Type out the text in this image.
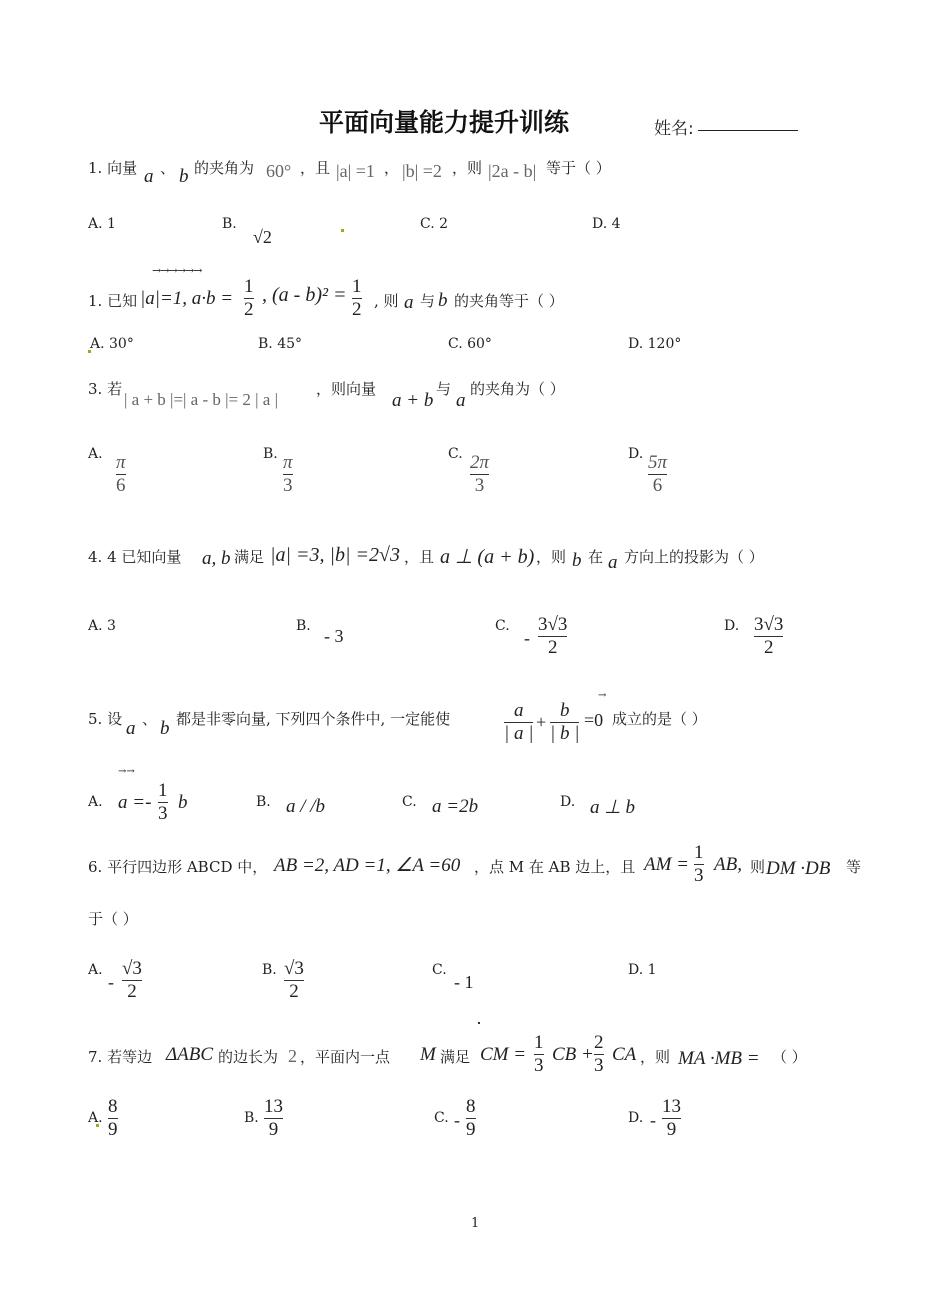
平面向量能力提升训练	姓名:
1. 向量 a 、 b 的夹角为 60° ，且 |a| =1 ， |b| =2 ，则 |2a - b| 等于（ ）
A. 1	B.
√2
C. 2	D. 4
→→→→→→
1. 已知 |a|=1, $a\cdot b = \frac{1}{2}$ , $(a - b)^2 = \frac{1}{2}$ , 则 a 与 b 的夹角等于（ ）
A. 30°	B. 45°	C. 60°	D. 120°
3. 若
| a + b |=| a - b |= 2 | a |
，则向量
a + b
与
a
的夹角为（ ）
A. $\frac{\pi}{6}$	B. $\frac{\pi}{3}$	C. $\frac{2\pi}{3}$	D. $\frac{5\pi}{6}$
4. 4 已知向量 a, b 满足 |a| =3, |b| =2√3 ，且 a ⊥ (a + b) ，则 b 在 a 方向上的投影为（ ）
A. 3	B. - 3	C.
- $\frac{3√3}{2}$	D. $\frac{3√3}{2}$
5. 设 a 、 b 都是非零向量, 下列四个条件中, 一定能使	$\frac{a}{| a |} + \frac{b}{| b |}$
→
=0 成立的是（ ）
→→
A. $a =- \frac{1}{3}$ b	B. a / /b	C. a =2b	D. a ⊥ b
6. 平行四边形 ABCD 中， AB =2, AD =1, ∠A =60 ，点 M 在 AB 边上，且 AM = $\frac{1}{3}$ AB, 则 DM ·DB 等
于（ ）
A.
- $\frac{√3}{2}$	B. $\frac{√3}{2}$	C.
- 1
D. 1
7. 若等边 ΔABC 的边长为 2 ，平面内一点 M 满足 CM = $\frac{1}{3}$ CB + $\frac{2}{3}$ CA ，则 MA ·MB = （ ）
A. $\frac{8}{9}$	B. $\frac{13}{9}$	C. - $\frac{8}{9}$	D. - $\frac{13}{9}$
1
